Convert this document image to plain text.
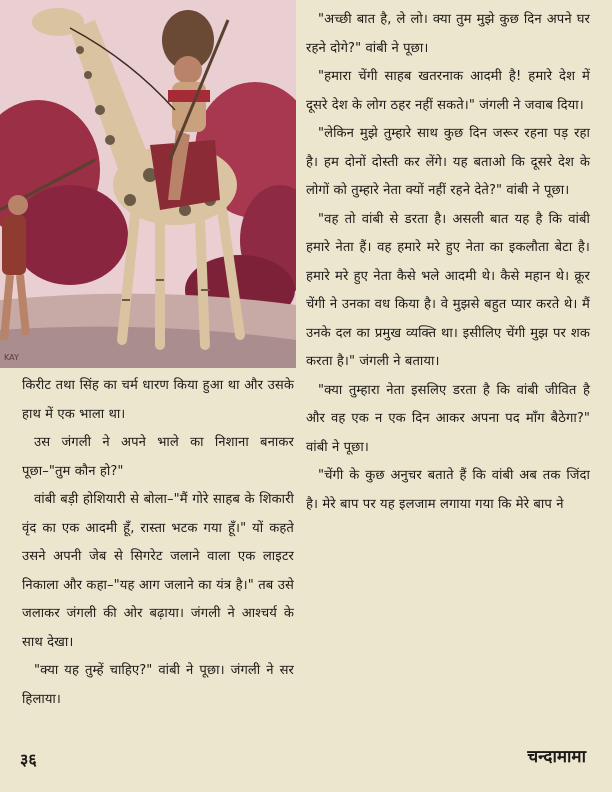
KAY

किरीट तथा सिंह का चर्म धारण किया हुआ था और उसके हाथ में एक भाला था।

उस जंगली ने अपने भाले का निशाना बनाकर पूछा–"तुम कौन हो?"

वांबी बड़ी होशियारी से बोला–"मैं गोरे साहब के शिकारी वृंद का एक आदमी हूँ, रास्ता भटक गया हूँ।" यों कहते उसने अपनी जेब से सिगरेट जलाने वाला एक लाइटर निकाला और कहा–"यह आग जलाने का यंत्र है।" तब उसे जलाकर जंगली की ओर बढ़ाया। जंगली ने आश्चर्य के साथ देखा।

"क्या यह तुम्हें चाहिए?" वांबी ने पूछा। जंगली ने सर हिलाया।

"अच्छी बात है, ले लो। क्या तुम मुझे कुछ दिन अपने घर रहने दोगे?" वांबी ने पूछा।

"हमारा चेंगी साहब खतरनाक आदमी है! हमारे देश में दूसरे देश के लोग ठहर नहीं सकते।" जंगली ने जवाब दिया।

"लेकिन मुझे तुम्हारे साथ कुछ दिन जरूर रहना पड़ रहा है। हम दोनों दोस्ती कर लेंगे। यह बताओ कि दूसरे देश के लोगों को तुम्हारे नेता क्यों नहीं रहने देते?" वांबी ने पूछा।

"वह तो वांबी से डरता है। असली बात यह है कि वांबी हमारे नेता हैं। वह हमारे मरे हुए नेता का इकलौता बेटा है। हमारे मरे हुए नेता कैसे भले आदमी थे। कैसे महान थे। क्रूर चेंगी ने उनका वध किया है। वे मुझसे बहुत प्यार करते थे। मैं उनके दल का प्रमुख व्यक्ति था। इसीलिए चेंगी मुझ पर शक करता है।" जंगली ने बताया।

"क्या तुम्हारा नेता इसलिए डरता है कि वांबी जीवित है और वह एक न एक दिन आकर अपना पद माँग बैठेगा?" वांबी ने पूछा।

"चेंगी के कुछ अनुचर बताते हैं कि वांबी अब तक जिंदा है। मेरे बाप पर यह इलजाम लगाया गया कि मेरे बाप ने

३६	चन्दामामा
